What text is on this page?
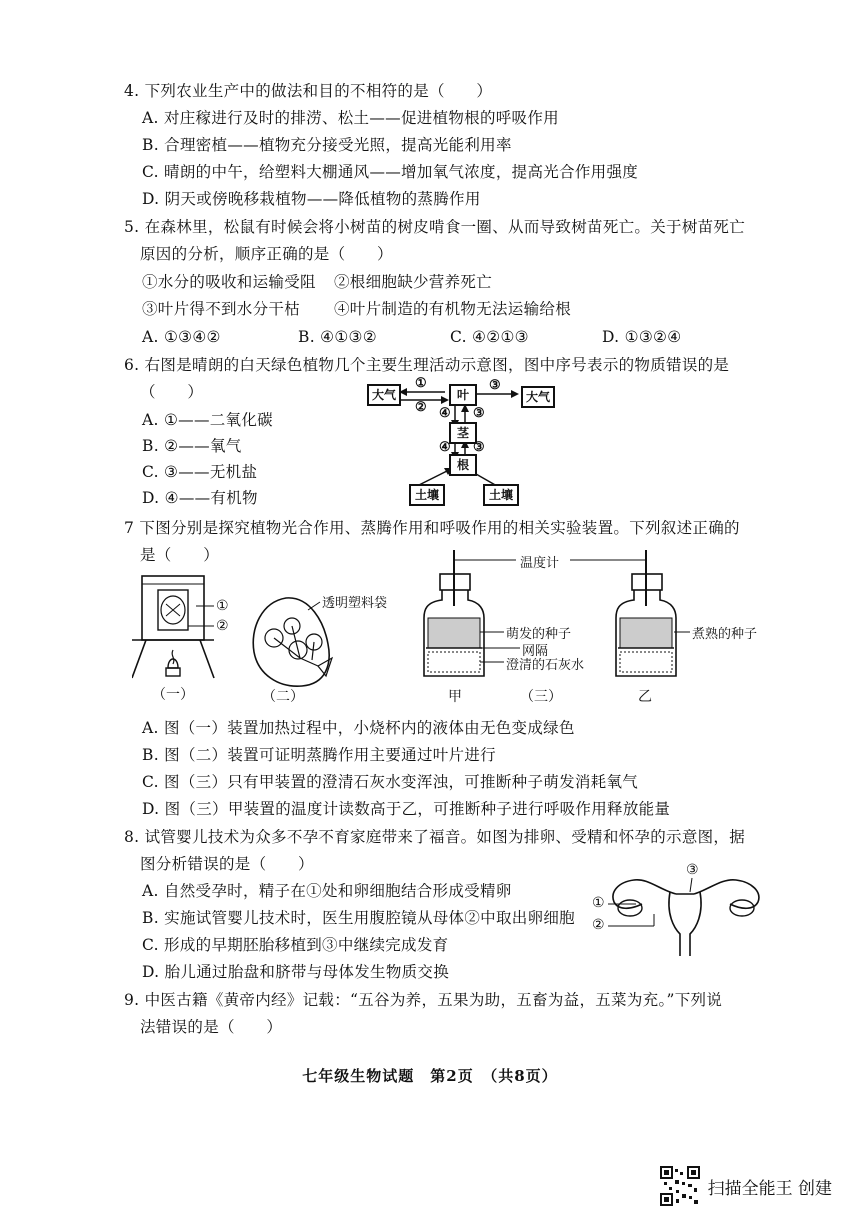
4. 下列农业生产中的做法和目的不相符的是（　　）
A. 对庄稼进行及时的排涝、松土——促进植物根的呼吸作用
B. 合理密植——植物充分接受光照，提高光能利用率
C. 晴朗的中午，给塑料大棚通风——增加氧气浓度，提高光合作用强度
D. 阴天或傍晚移栽植物——降低植物的蒸腾作用
5. 在森林里，松鼠有时候会将小树苗的树皮啃食一圈、从而导致树苗死亡。关于树苗死亡
原因的分析，顺序正确的是（　　）
①水分的吸收和运输受阻 ②根细胞缺少营养死亡
③叶片得不到水分干枯 ④叶片制造的有机物无法运输给根
A. ①③④②	B. ④①③②	C. ④②①③	D. ①③②④
6. 右图是晴朗的白天绿色植物几个主要生理活动示意图，图中序号表示的物质错误的是
（　　）
A. ①——二氧化碳
B. ②——氧气
C. ③——无机盐
D. ④——有机物
大气	大气
叶
茎
根
土壤	土壤
①
②
③
④ ③
④ ③
7 下图分别是探究植物光合作用、蒸腾作用和呼吸作用的相关实验装置。下列叙述正确的
是（　　）
①
②
（一）
透明塑料袋
（二）
温度计
萌发的种子	煮熟的种子
网隔
澄清的石灰水
甲	（三）	乙
A. 图（一）装置加热过程中，小烧杯内的液体由无色变成绿色
B. 图（二）装置可证明蒸腾作用主要通过叶片进行
C. 图（三）只有甲装置的澄清石灰水变浑浊，可推断种子萌发消耗氧气
D. 图（三）甲装置的温度计读数高于乙，可推断种子进行呼吸作用释放能量
8. 试管婴儿技术为众多不孕不育家庭带来了福音。如图为排卵、受精和怀孕的示意图，据
图分析错误的是（　　）
A. 自然受孕时，精子在①处和卵细胞结合形成受精卵
B. 实施试管婴儿技术时，医生用腹腔镜从母体②中取出卵细胞
C. 形成的早期胚胎移植到③中继续完成发育
D. 胎儿通过胎盘和脐带与母体发生物质交换
①
②
③
9. 中医古籍《黄帝内经》记载：“五谷为养，五果为助，五畜为益，五菜为充。”下列说
法错误的是（　　）
七年级生物试题　第2页　（共8页）
扫描全能王 创建
